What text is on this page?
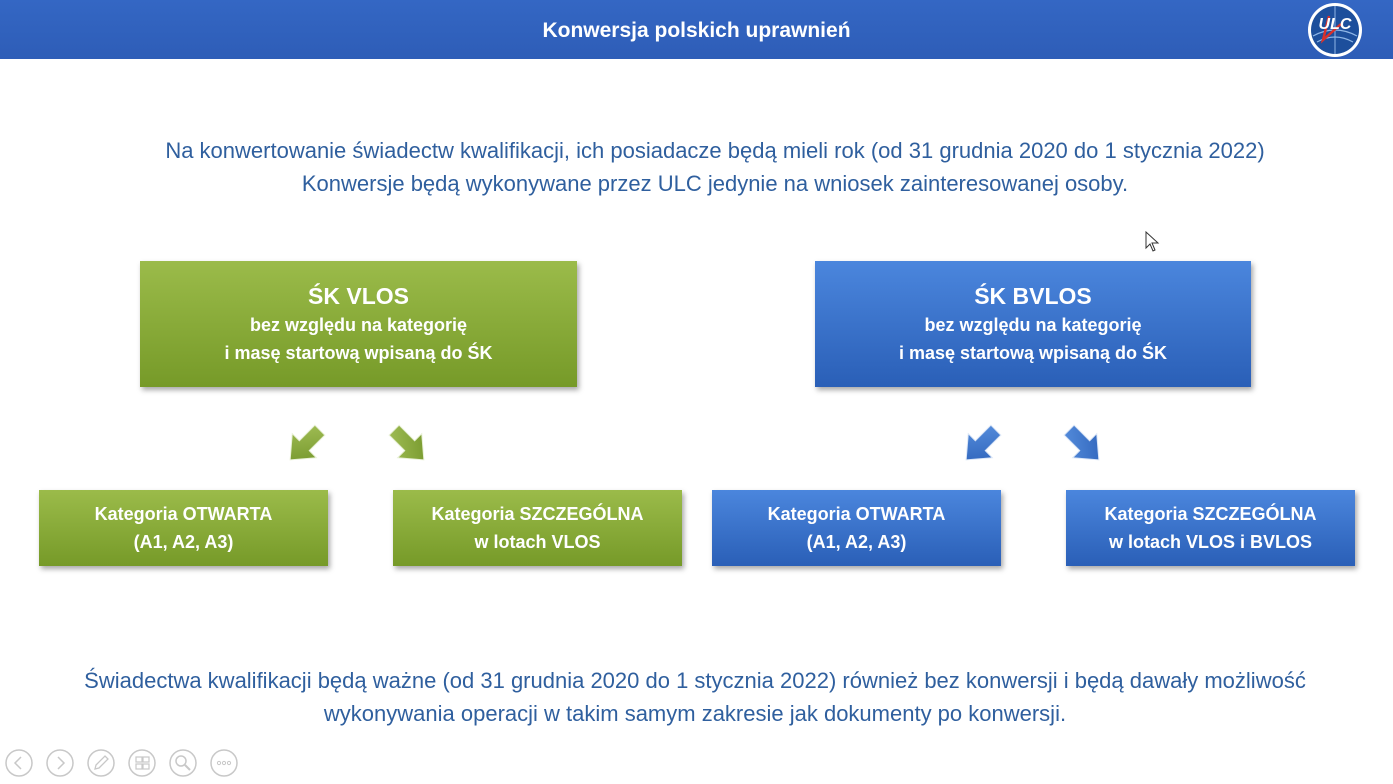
Konwersja polskich uprawnień	ULC
Na konwertowanie świadectw kwalifikacji, ich posiadacze będą mieli rok (od 31 grudnia 2020 do 1 stycznia 2022)
Konwersje będą wykonywane przez ULC jedynie na wniosek zainteresowanej osoby.
ŚK VLOS
bez względu na kategorię
i masę startową wpisaną do ŚK
ŚK BVLOS
bez względu na kategorię
i masę startową wpisaną do ŚK
Kategoria OTWARTA
(A1, A2, A3)
Kategoria SZCZEGÓLNA
w lotach VLOS
Kategoria OTWARTA
(A1, A2, A3)
Kategoria SZCZEGÓLNA
w lotach VLOS i BVLOS
Świadectwa kwalifikacji będą ważne (od 31 grudnia 2020 do 1 stycznia 2022) również bez konwersji i będą dawały możliwość
wykonywania operacji w takim samym zakresie jak dokumenty po konwersji.
